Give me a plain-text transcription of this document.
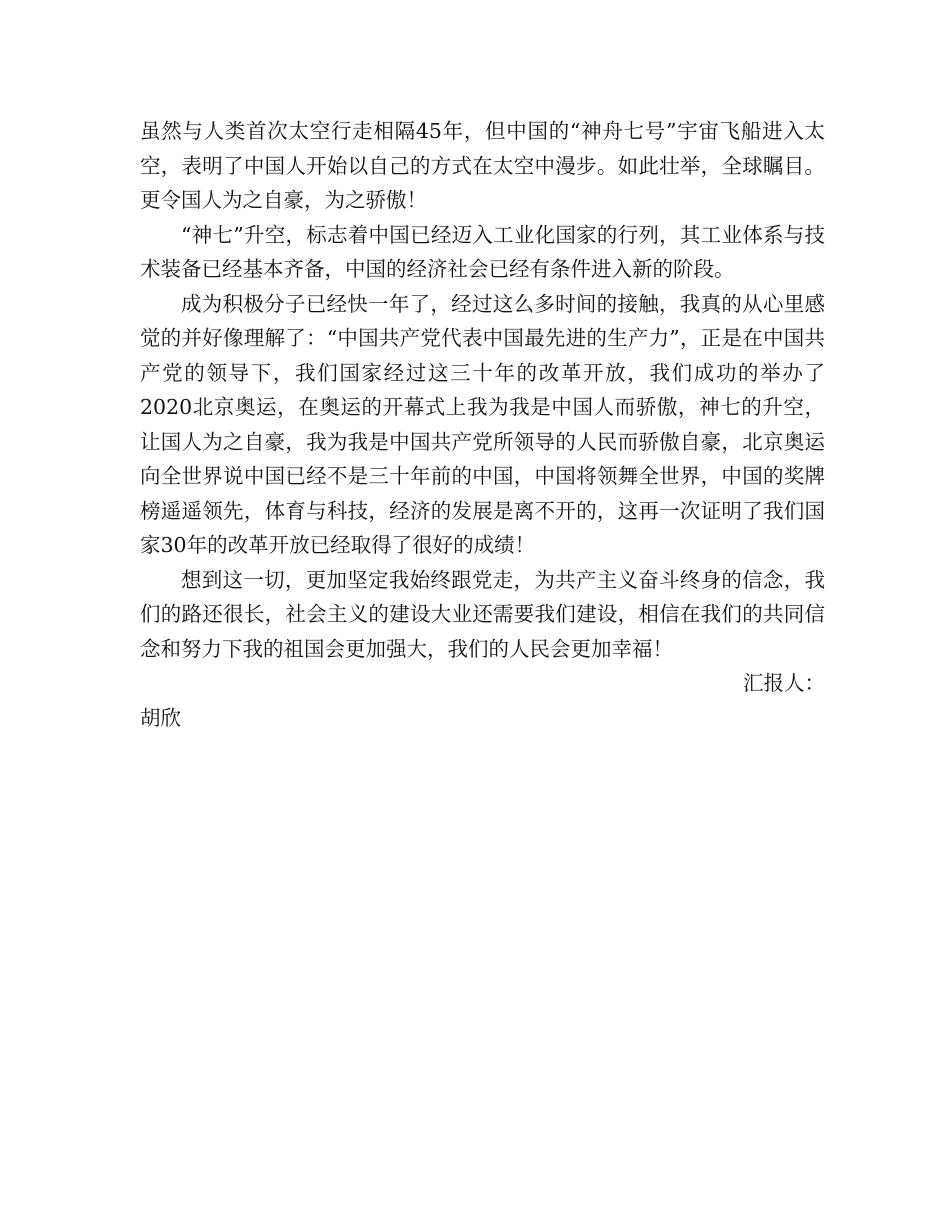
虽然与人类首次太空行走相隔45年，但中国的“神舟七号”宇宙飞船进入太空，表明了中国人开始以自己的方式在太空中漫步。如此壮举，全球瞩目。更令国人为之自豪，为之骄傲！

“神七”升空，标志着中国已经迈入工业化国家的行列，其工业体系与技术装备已经基本齐备，中国的经济社会已经有条件进入新的阶段。

成为积极分子已经快一年了，经过这么多时间的接触，我真的从心里感觉的并好像理解了：“中国共产党代表中国最先进的生产力”，正是在中国共产党的领导下，我们国家经过这三十年的改革开放，我们成功的举办了2020北京奥运，在奥运的开幕式上我为我是中国人而骄傲，神七的升空，让国人为之自豪，我为我是中国共产党所领导的人民而骄傲自豪，北京奥运向全世界说中国已经不是三十年前的中国，中国将领舞全世界，中国的奖牌榜遥遥领先，体育与科技，经济的发展是离不开的，这再一次证明了我们国家30年的改革开放已经取得了很好的成绩！

想到这一切，更加坚定我始终跟党走，为共产主义奋斗终身的信念，我们的路还很长，社会主义的建设大业还需要我们建设，相信在我们的共同信念和努力下我的祖国会更加强大，我们的人民会更加幸福！

汇报人：

胡欣
